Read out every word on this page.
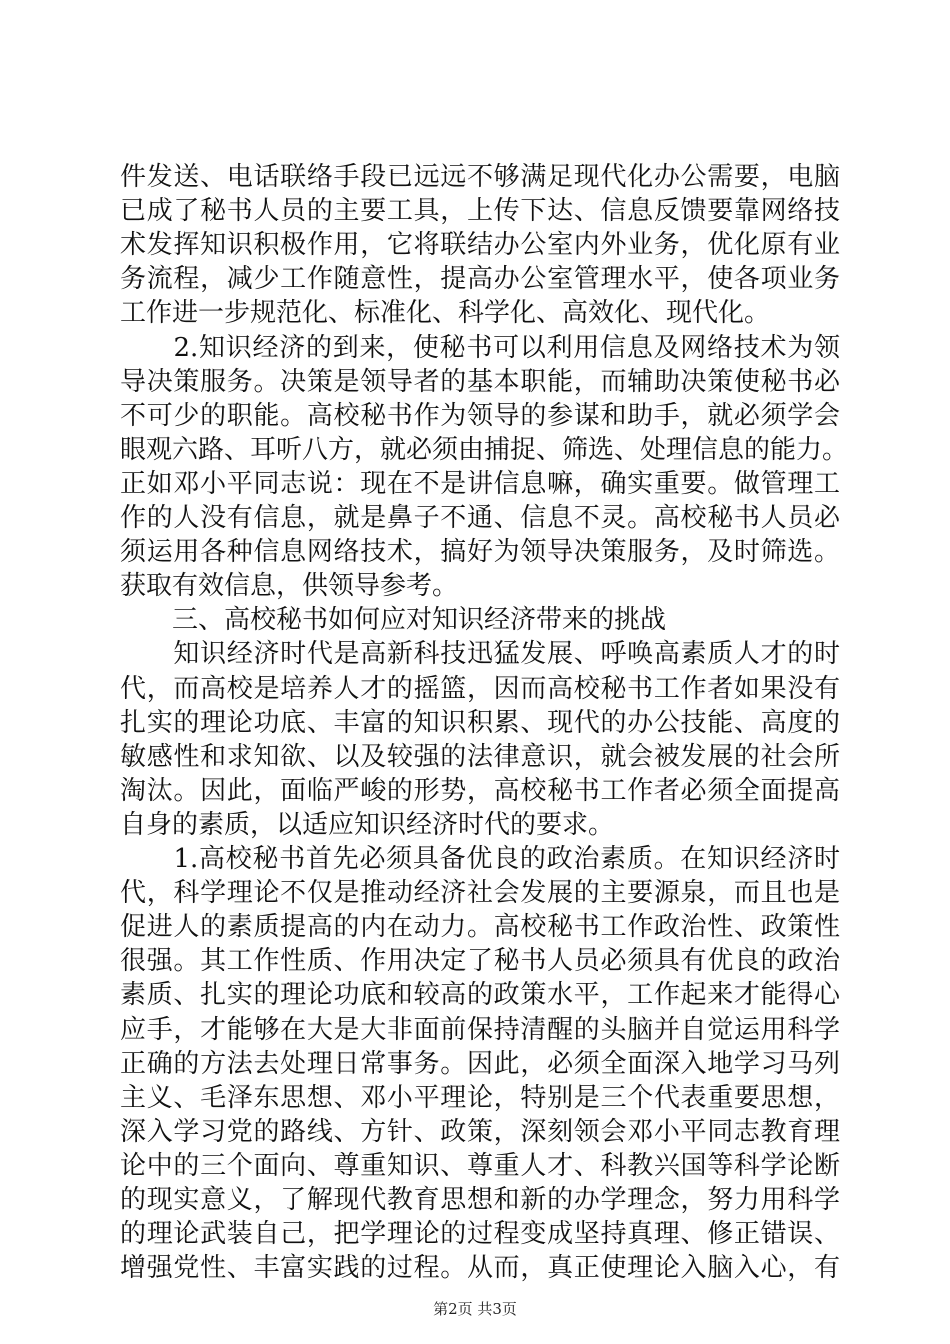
件发送、电话联络手段已远远不够满足现代化办公需要，电脑
已成了秘书人员的主要工具，上传下达、信息反馈要靠网络技
术发挥知识积极作用，它将联结办公室内外业务，优化原有业
务流程，减少工作随意性，提高办公室管理水平，使各项业务
工作进一步规范化、标准化、科学化、高效化、现代化。
　　2.知识经济的到来，使秘书可以利用信息及网络技术为领
导决策服务。决策是领导者的基本职能，而辅助决策使秘书必
不可少的职能。高校秘书作为领导的参谋和助手，就必须学会
眼观六路、耳听八方，就必须由捕捉、筛选、处理信息的能力。
正如邓小平同志说：现在不是讲信息嘛，确实重要。做管理工
作的人没有信息，就是鼻子不通、信息不灵。高校秘书人员必
须运用各种信息网络技术，搞好为领导决策服务，及时筛选。
获取有效信息，供领导参考。
　　三、高校秘书如何应对知识经济带来的挑战
　　知识经济时代是高新科技迅猛发展、呼唤高素质人才的时
代，而高校是培养人才的摇篮，因而高校秘书工作者如果没有
扎实的理论功底、丰富的知识积累、现代的办公技能、高度的
敏感性和求知欲、以及较强的法律意识，就会被发展的社会所
淘汰。因此，面临严峻的形势，高校秘书工作者必须全面提高
自身的素质，以适应知识经济时代的要求。
　　1.高校秘书首先必须具备优良的政治素质。在知识经济时
代，科学理论不仅是推动经济社会发展的主要源泉，而且也是
促进人的素质提高的内在动力。高校秘书工作政治性、政策性
很强。其工作性质、作用决定了秘书人员必须具有优良的政治
素质、扎实的理论功底和较高的政策水平，工作起来才能得心
应手，才能够在大是大非面前保持清醒的头脑并自觉运用科学
正确的方法去处理日常事务。因此，必须全面深入地学习马列
主义、毛泽东思想、邓小平理论，特别是三个代表重要思想，
深入学习党的路线、方针、政策，深刻领会邓小平同志教育理
论中的三个面向、尊重知识、尊重人才、科教兴国等科学论断
的现实意义，了解现代教育思想和新的办学理念，努力用科学
的理论武装自己，把学理论的过程变成坚持真理、修正错误、
增强党性、丰富实践的过程。从而，真正使理论入脑入心，有
第2页 共3页
